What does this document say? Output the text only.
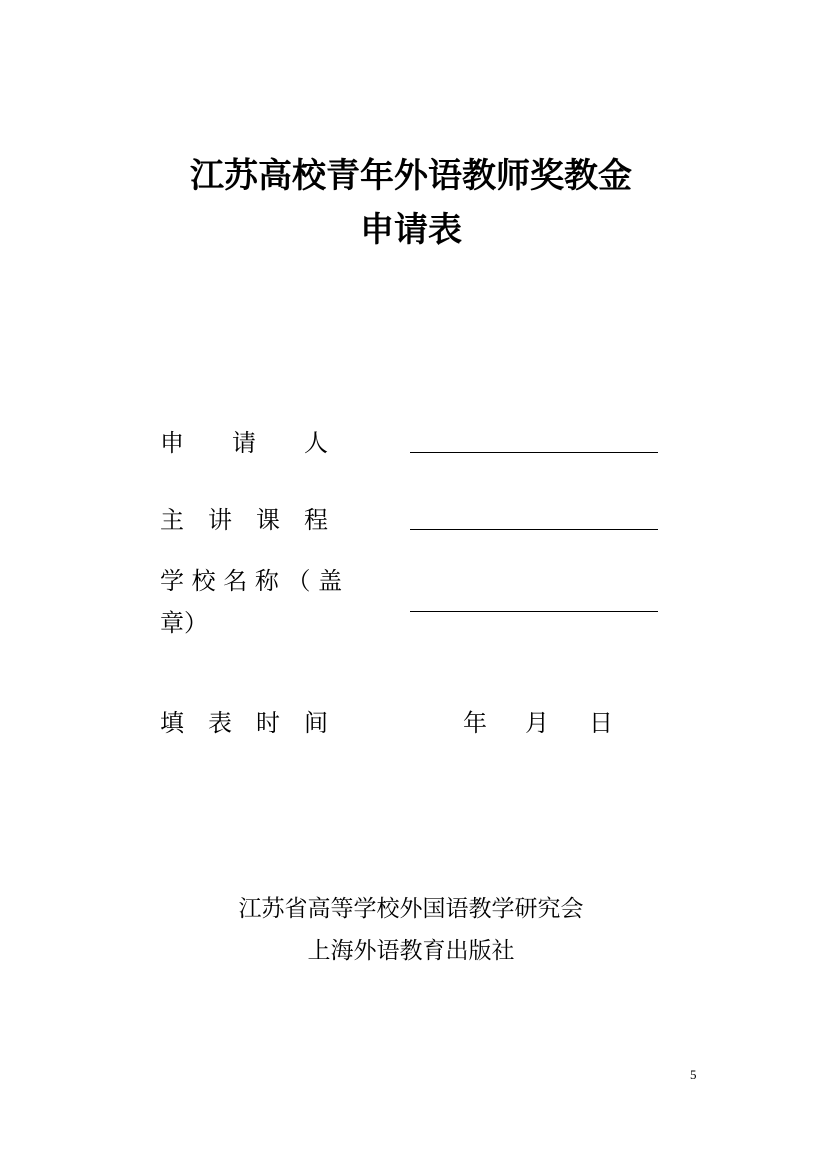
江苏高校青年外语教师奖教金
申请表
申　　请　　人
主　讲　课　程
学 校 名 称 （ 盖
章）
填　表　时　间	年 月 日
江苏省高等学校外国语教学研究会
上海外语教育出版社
5
